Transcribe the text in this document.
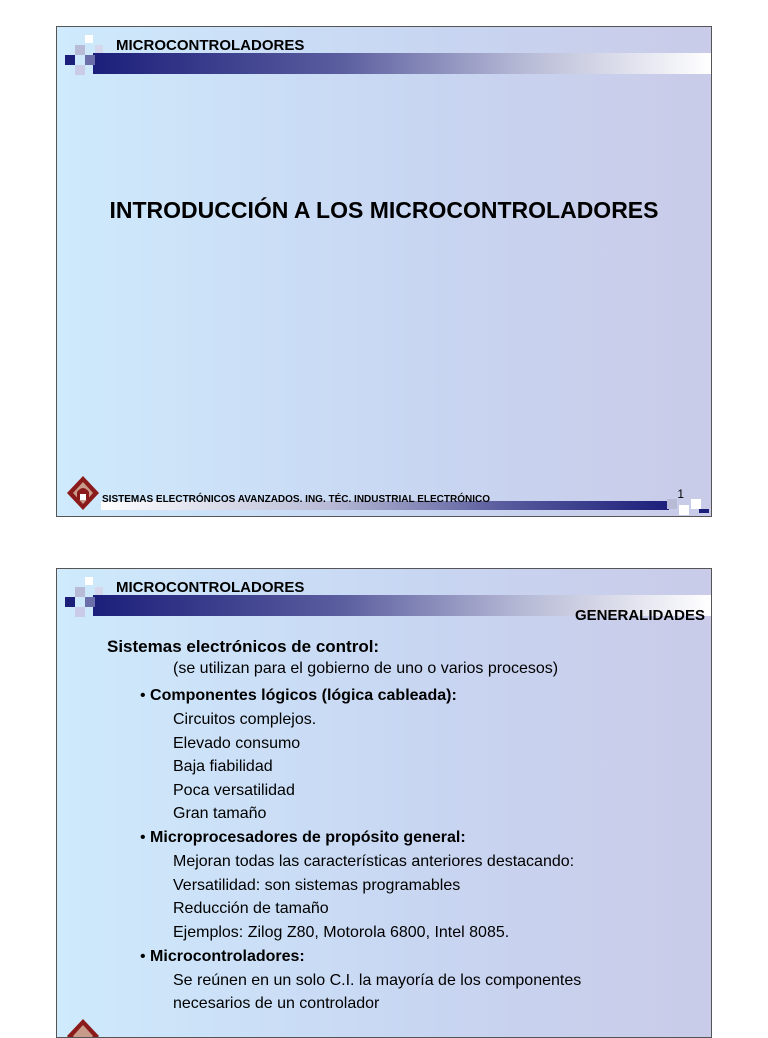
MICROCONTROLADORES
INTRODUCCIÓN A LOS MICROCONTROLADORES
SISTEMAS ELECTRÓNICOS AVANZADOS. ING. TÉC. INDUSTRIAL ELECTRÓNICO	1
MICROCONTROLADORES
GENERALIDADES
Sistemas electrónicos de control:
(se utilizan para el gobierno de uno o varios procesos)
• Componentes lógicos (lógica cableada):
Circuitos complejos.
Elevado consumo
Baja fiabilidad
Poca versatilidad
Gran tamaño
• Microprocesadores de propósito general:
Mejoran todas las características anteriores destacando:
Versatilidad: son sistemas programables
Reducción de tamaño
Ejemplos: Zilog Z80, Motorola 6800, Intel 8085.
• Microcontroladores:
Se reúnen en un solo C.I. la mayoría de los componentes
necesarios de un controlador
